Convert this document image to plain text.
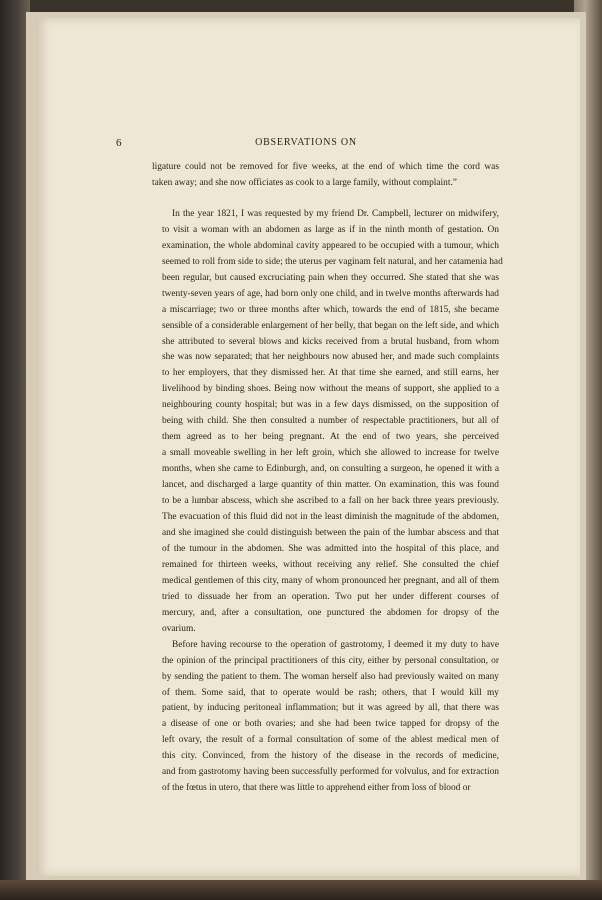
6	OBSERVATIONS ON

ligature could not be removed for five weeks, at the end of which time the cord was
taken away; and she now officiates as cook to a large family, without complaint.”

In the year 1821, I was requested by my friend Dr. Campbell, lecturer on midwifery,
to visit a woman with an abdomen as large as if in the ninth month of gestation. On
examination, the whole abdominal cavity appeared to be occupied with a tumour, which
seemed to roll from side to side; the uterus per vaginam felt natural, and her catamenia had
been regular, but caused excruciating pain when they occurred. She stated that she was
twenty-seven years of age, had born only one child, and in twelve months afterwards had
a miscarriage; two or three months after which, towards the end of 1815, she became
sensible of a considerable enlargement of her belly, that began on the left side, and which
she attributed to several blows and kicks received from a brutal husband, from whom
she was now separated; that her neighbours now abused her, and made such complaints
to her employers, that they dismissed her. At that time she earned, and still earns, her
livelihood by binding shoes. Being now without the means of support, she applied to a
neighbouring county hospital; but was in a few days dismissed, on the supposition of
being with child. She then consulted a number of respectable practitioners, but all of
them agreed as to her being pregnant. At the end of two years, she perceived
a small moveable swelling in her left groin, which she allowed to increase for twelve
months, when she came to Edinburgh, and, on consulting a surgeon, he opened it with a
lancet, and discharged a large quantity of thin matter. On examination, this was found
to be a lumbar abscess, which she ascribed to a fall on her back three years previously.
The evacuation of this fluid did not in the least diminish the magnitude of the abdomen,
and she imagined she could distinguish between the pain of the lumbar abscess and that
of the tumour in the abdomen. She was admitted into the hospital of this place, and
remained for thirteen weeks, without receiving any relief. She consulted the chief
medical gentlemen of this city, many of whom pronounced her pregnant, and all of them
tried to dissuade her from an operation. Two put her under different courses of
mercury, and, after a consultation, one punctured the abdomen for dropsy of the
ovarium.

Before having recourse to the operation of gastrotomy, I deemed it my duty to have
the opinion of the principal practitioners of this city, either by personal consultation, or
by sending the patient to them. The woman herself also had previously waited on many
of them. Some said, that to operate would be rash; others, that I would kill my
patient, by inducing peritoneal inflammation; but it was agreed by all, that there was
a disease of one or both ovaries; and she had been twice tapped for dropsy of the
left ovary, the result of a formal consultation of some of the ablest medical men of
this city. Convinced, from the history of the disease in the records of medicine,
and from gastrotomy having been successfully performed for volvulus, and for extraction
of the fœtus in utero, that there was little to apprehend either from loss of blood or
